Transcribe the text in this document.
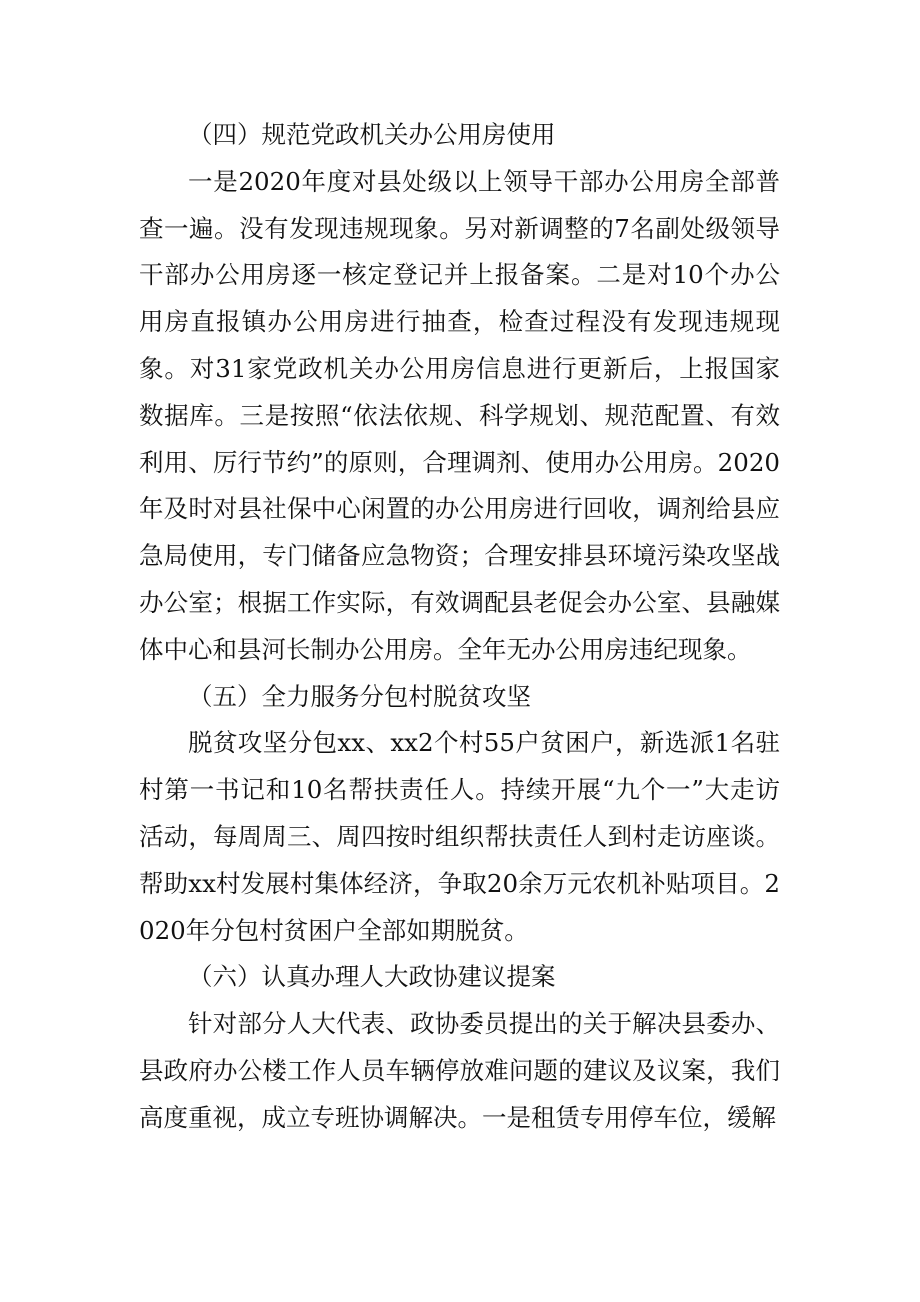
（四）规范党政机关办公用房使用

一是2020年度对县处级以上领导干部办公用房全部普查一遍。没有发现违规现象。另对新调整的7名副处级领导干部办公用房逐一核定登记并上报备案。二是对10个办公用房直报镇办公用房进行抽查，检查过程没有发现违规现象。对31家党政机关办公用房信息进行更新后，上报国家数据库。三是按照“依法依规、科学规划、规范配置、有效利用、厉行节约”的原则，合理调剂、使用办公用房。2020年及时对县社保中心闲置的办公用房进行回收，调剂给县应急局使用，专门储备应急物资；合理安排县环境污染攻坚战办公室；根据工作实际，有效调配县老促会办公室、县融媒体中心和县河长制办公用房。全年无办公用房违纪现象。

（五）全力服务分包村脱贫攻坚

脱贫攻坚分包xx、xx2个村55户贫困户，新选派1名驻村第一书记和10名帮扶责任人。持续开展“九个一”大走访活动，每周周三、周四按时组织帮扶责任人到村走访座谈。帮助xx村发展村集体经济，争取20余万元农机补贴项目。2020年分包村贫困户全部如期脱贫。

（六）认真办理人大政协建议提案

针对部分人大代表、政协委员提出的关于解决县委办、县政府办公楼工作人员车辆停放难问题的建议及议案，我们高度重视，成立专班协调解决。一是租赁专用停车位，缓解
